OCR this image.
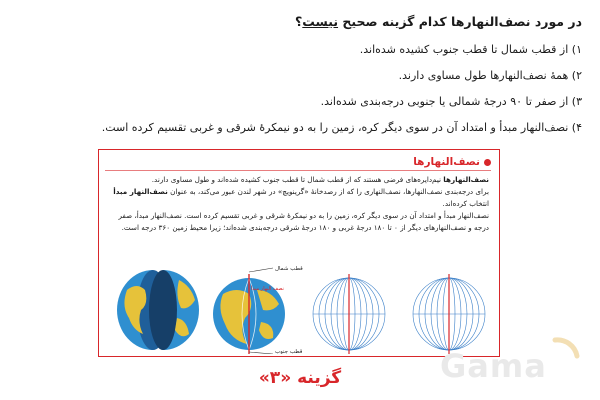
در مورد نصف‌النهارها کدام گزینه صحیح نیست؟
۱) از قطب شمال تا قطب جنوب کشیده شده‌اند.
۲) همهٔ نصف‌النهارها طول مساوی دارند.
۳) از صفر تا ۹۰ درجهٔ شمالی یا جنوبی درجه‌بندی شده‌اند.
۴) نصف‌النهار مبدأ و امتداد آن در سوی دیگر کره، زمین را به دو نیمکرهٔ شرقی و غربی تقسیم کرده است.
نصف‌النهارها

نصف‌النهارها نیم‌دایره‌های فرضی هستند که از قطب شمال تا قطب جنوب کشیده شده‌اند و طول مساوی دارند.

برای درجه‌بندی نصف‌النهارها، نصف‌النهاری را که از رصدخانهٔ «گرینویچ» در شهر لندن عبور می‌کند، به عنوان نصف‌النهار مبدأ انتخاب کرده‌اند.

نصف‌النهار مبدأ و امتداد آن در سوی دیگر کره، زمین را به دو نیمکرهٔ شرقی و غربی تقسیم کرده است. نصف‌النهار مبدأ، صفر درجه و نصف‌النهارهای دیگر از ۰ تا ۱۸۰ درجهٔ غربی و ۱۸۰ درجهٔ شرقی درجه‌بندی شده‌اند؛ زیرا محیط زمین ۳۶۰ درجه است.

قطب شمال
قطب جنوب
نصف النهار مبدأ
گزینه «۳»	Gama
